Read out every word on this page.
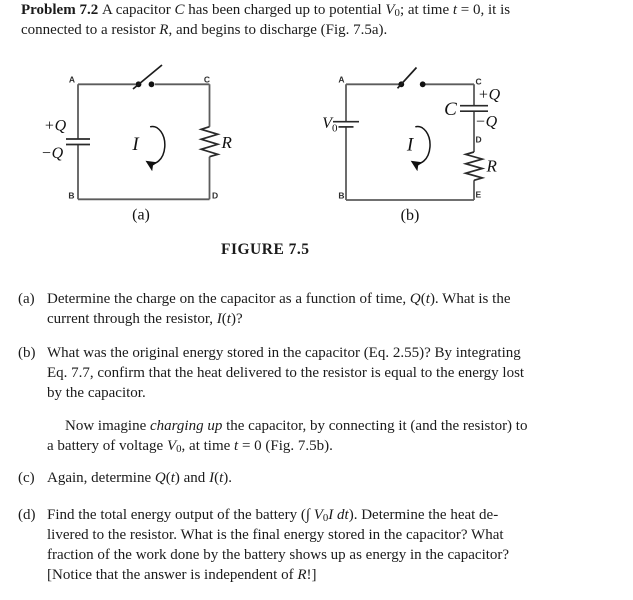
Problem 7.2 A capacitor C has been charged up to potential $V_0$; at time t = 0, it is
connected to a resistor R, and begins to discharge (Fig. 7.5a).
A	C
B	D
+Q
−Q	I	R
(a)
A	C
B
D
E
$V_0$
C
+Q
−Q
I
R
(b)
FIGURE 7.5
(a) Determine the charge on the capacitor as a function of time, Q(t). What is the
current through the resistor, I(t)?
(b) What was the original energy stored in the capacitor (Eq. 2.55)? By integrating
Eq. 7.7, confirm that the heat delivered to the resistor is equal to the energy lost
by the capacitor.
Now imagine charging up the capacitor, by connecting it (and the resistor) to
a battery of voltage $V_0$, at time t = 0 (Fig. 7.5b).
(c) Again, determine Q(t) and I(t).
(d) Find the total energy output of the battery (∫ $V_0I$ dt). Determine the heat de-
livered to the resistor. What is the final energy stored in the capacitor? What
fraction of the work done by the battery shows up as energy in the capacitor?
[Notice that the answer is independent of R!]
